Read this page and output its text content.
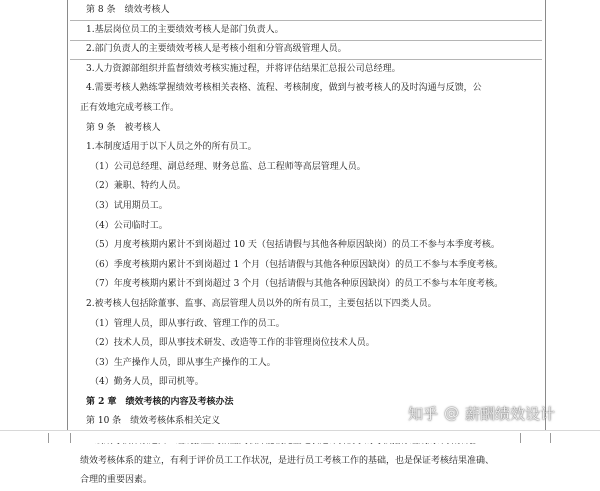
第 8 条　绩效考核人
1.基层岗位员工的主要绩效考核人是部门负责人。
2.部门负责人的主要绩效考核人是考核小组和分管高级管理人员。
3.人力资源部组织并监督绩效考核实施过程，并将评估结果汇总报公司总经理。
4.需要考核人熟练掌握绩效考核相关表格、流程、考核制度，做到与被考核人的及时沟通与反馈，公
正有效地完成考核工作。
第 9 条　被考核人
1.本制度适用于以下人员之外的所有员工。
（1）公司总经理、副总经理、财务总监、总工程师等高层管理人员。
（2）兼职、特约人员。
（3）试用期员工。
（4）公司临时工。
（5）月度考核期内累计不到岗超过 10 天（包括请假与其他各种原因缺岗）的员工不参与本季度考核。
（6）季度考核期内累计不到岗超过 1 个月（包括请假与其他各种原因缺岗）的员工不参与本季度考核。
（7）年度考核期内累计不到岗超过 3 个月（包括请假与其他各种原因缺岗）的员工不参与本年度考核。
2.被考核人包括除董事、监事、高层管理人员以外的所有员工，主要包括以下四类人员。
（1）管理人员，即从事行政、管理工作的员工。
（2）技术人员，即从事技术研发、改造等工作的非管理岗位技术人员。
（3）生产操作人员，即从事生产操作的工人。
（4）勤务人员，即司机等。
第 2 章　绩效考核的内容及考核办法
第 10 条　绩效考核体系相关定义
绩效考核体系的建立，有利于评价员工工作状况，是进行员工考核工作的基础，也是保证考核结果准确、
合理的重要因素。
知乎 @ 薪酬绩效设计
